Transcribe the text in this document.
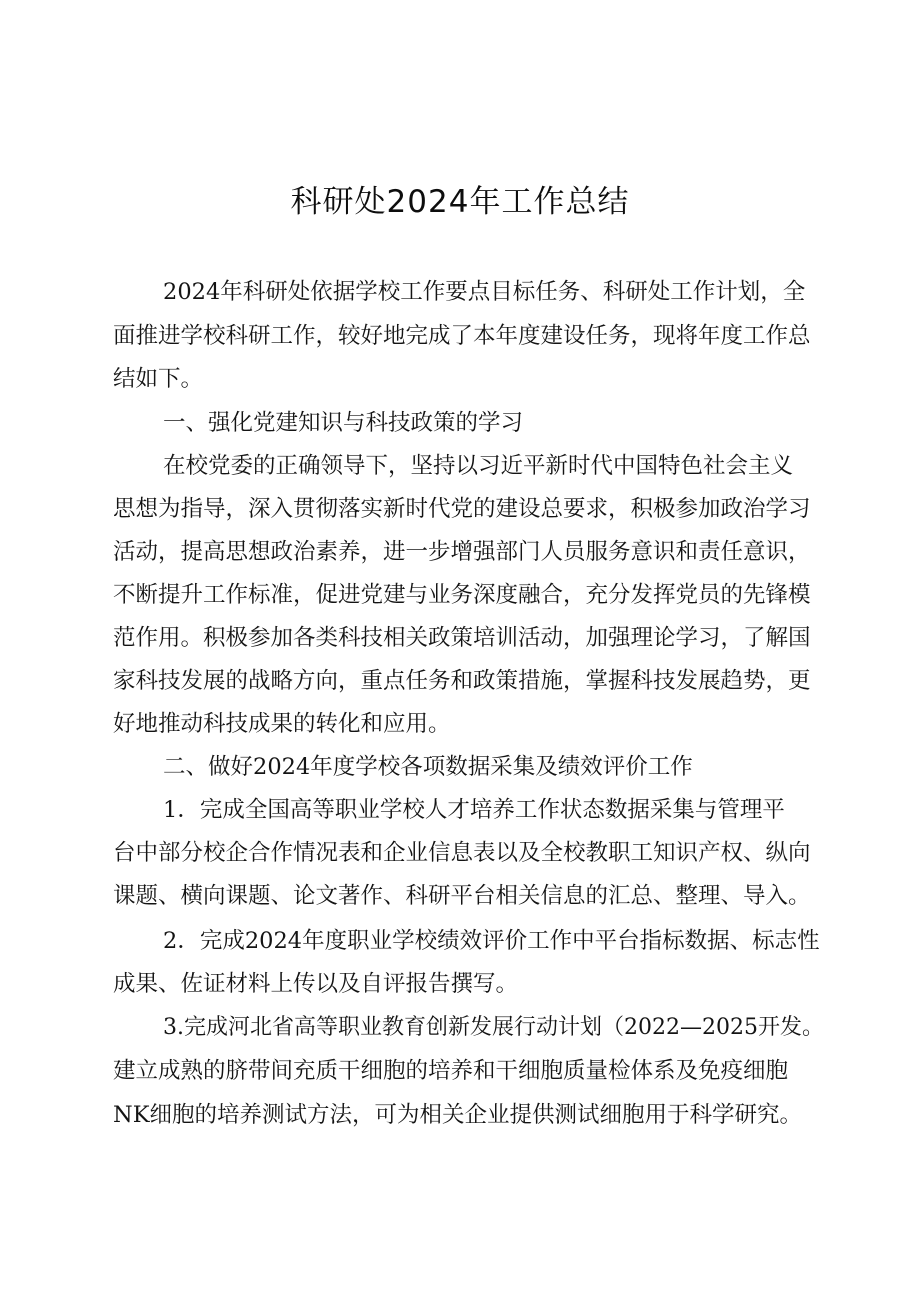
科研处2024年工作总结
2024年科研处依据学校工作要点目标任务、科研处工作计划，全
面推进学校科研工作，较好地完成了本年度建设任务，现将年度工作总
结如下。
一、强化党建知识与科技政策的学习
在校党委的正确领导下，坚持以习近平新时代中国特色社会主义
思想为指导，深入贯彻落实新时代党的建设总要求，积极参加政治学习
活动，提高思想政治素养，进一步增强部门人员服务意识和责任意识，
不断提升工作标准，促进党建与业务深度融合，充分发挥党员的先锋模
范作用。积极参加各类科技相关政策培训活动，加强理论学习，了解国
家科技发展的战略方向，重点任务和政策措施，掌握科技发展趋势，更
好地推动科技成果的转化和应用。
二、做好2024年度学校各项数据采集及绩效评价工作
1．完成全国高等职业学校人才培养工作状态数据采集与管理平
台中部分校企合作情况表和企业信息表以及全校教职工知识产权、纵向
课题、横向课题、论文著作、科研平台相关信息的汇总、整理、导入。
2．完成2024年度职业学校绩效评价工作中平台指标数据、标志性
成果、佐证材料上传以及自评报告撰写。
3.完成河北省高等职业教育创新发展行动计划（2022—2025开发。
建立成熟的脐带间充质干细胞的培养和干细胞质量检体系及免疫细胞
NK细胞的培养测试方法，可为相关企业提供测试细胞用于科学研究。
